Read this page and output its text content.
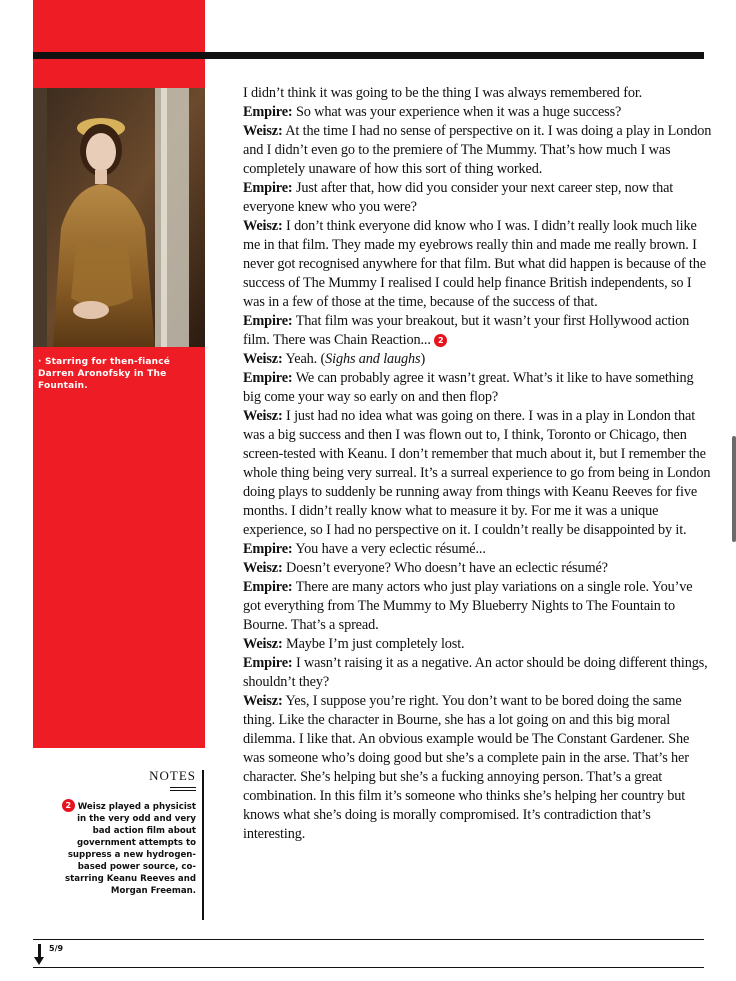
· Starring for then-fiancé Darren Aronofsky in The Fountain.
NOTES
2 Weisz played a physicist in the very odd and very bad action film about government attempts to suppress a new hydrogen-based power source, co-starring Keanu Reeves and Morgan Freeman.

I didn’t think it was going to be the thing I was always remembered for.

Empire: So what was your experience when it was a huge success?

Weisz: At the time I had no sense of perspective on it. I was doing a play in London and I didn’t even go to the premiere of The Mummy. That’s how much I was completely unaware of how this sort of thing worked.

Empire: Just after that, how did you consider your next career step, now that everyone knew who you were?

Weisz: I don’t think everyone did know who I was. I didn’t really look much like me in that film. They made my eyebrows really thin and made me really brown. I never got recognised anywhere for that film. But what did happen is because of the success of The Mummy I realised I could help finance British independents, so I was in a few of those at the time, because of the success of that.

Empire: That film was your breakout, but it wasn’t your first Hollywood action film. There was Chain Reaction... 2

Weisz: Yeah. (Sighs and laughs)

Empire: We can probably agree it wasn’t great. What’s it like to have something big come your way so early on and then flop?

Weisz: I just had no idea what was going on there. I was in a play in London that was a big success and then I was flown out to, I think, Toronto or Chicago, then screen-tested with Keanu. I don’t remember that much about it, but I remember the whole thing being very surreal. It’s a surreal experience to go from being in London doing plays to suddenly be running away from things with Keanu Reeves for five months. I didn’t really know what to measure it by. For me it was a unique experience, so I had no perspective on it. I couldn’t really be disappointed by it.

Empire: You have a very eclectic résumé...

Weisz: Doesn’t everyone? Who doesn’t have an eclectic résumé?

Empire: There are many actors who just play variations on a single role. You’ve got everything from The Mummy to My Blueberry Nights to The Fountain to Bourne. That’s a spread.

Weisz: Maybe I’m just completely lost.

Empire: I wasn’t raising it as a negative. An actor should be doing different things, shouldn’t they?

Weisz: Yes, I suppose you’re right. You don’t want to be bored doing the same thing. Like the character in Bourne, she has a lot going on and this big moral dilemma. I like that. An obvious example would be The Constant Gardener. She was someone who’s doing good but she’s a complete pain in the arse. That’s her character. She’s helping but she’s a fucking annoying person. That’s a great combination. In this film it’s someone who thinks she’s helping her country but knows what she’s doing is morally compromised. It’s contradiction that’s interesting.

5/9
